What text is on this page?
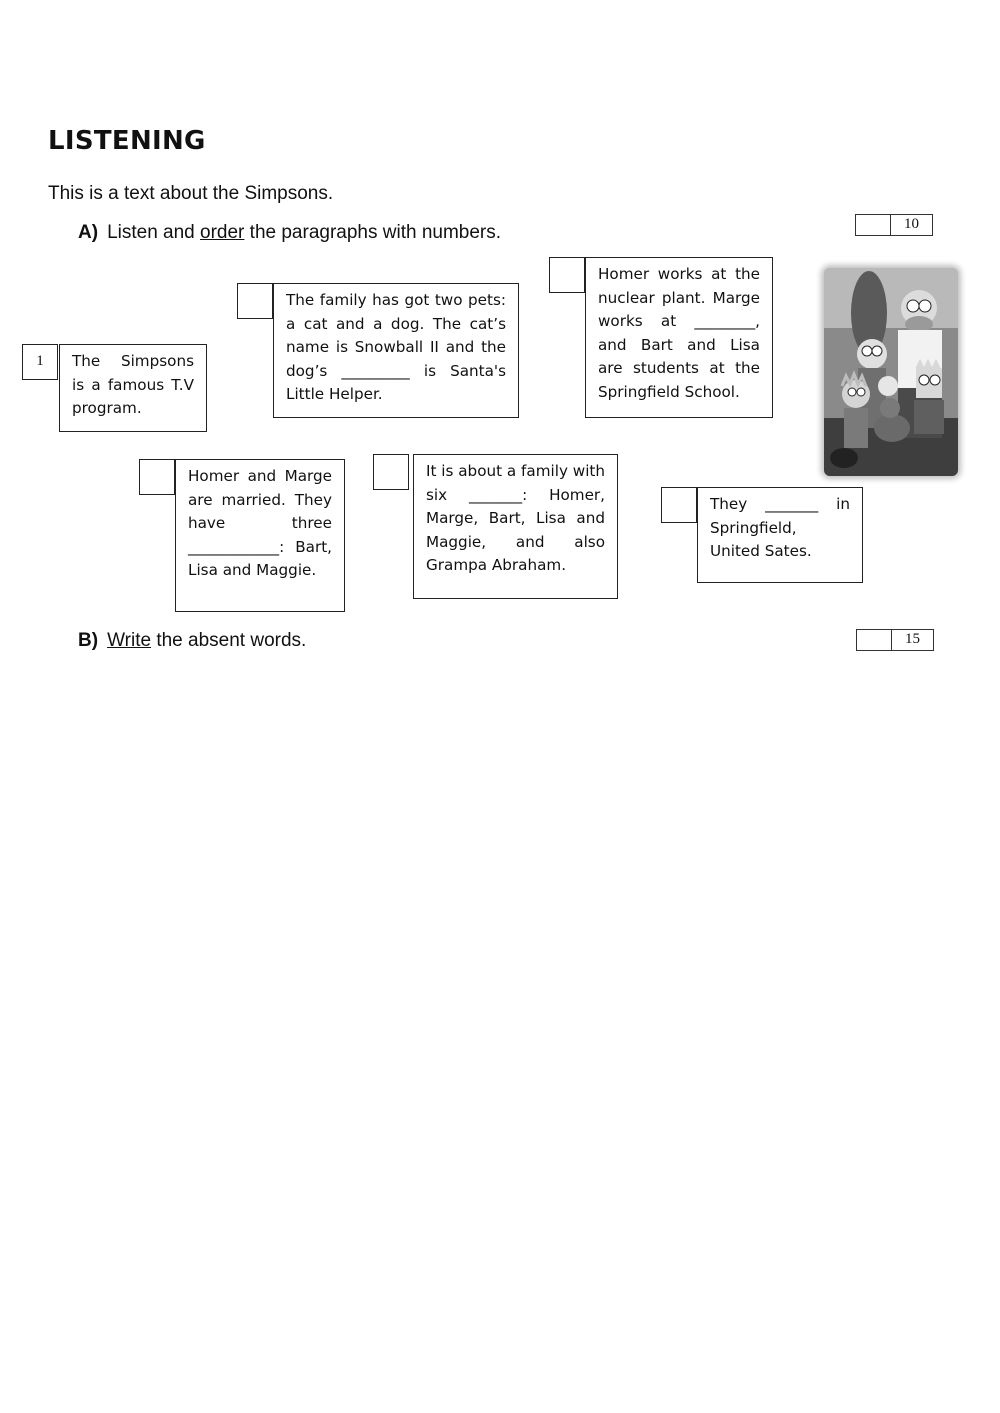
LISTENING
This is a text about the Simpsons.
A) Listen and order the paragraphs with numbers.	10
1	The Simpsons is a famous T.V program.
The family has got two pets: a cat and a dog. The cat’s name is Snowball II and the dog’s _________ is Santa's Little Helper.
Homer works at the nuclear plant. Marge works at ________, and Bart and Lisa are students at the Springfield School.
Homer and Marge are married. They have three ____________: Bart, Lisa and Maggie.
It is about a family with six _______: Homer, Marge, Bart, Lisa and Maggie, and also Grampa Abraham.
They _______ in Springfield, United Sates.
B) Write the absent words.	15
